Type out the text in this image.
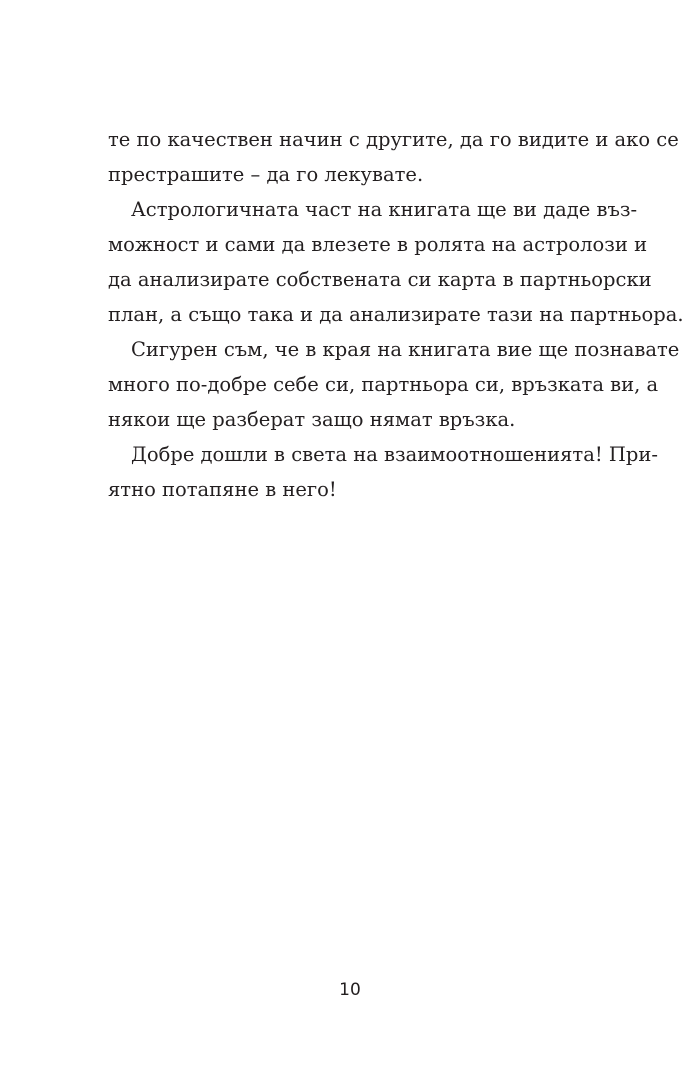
те по качествен начин с другите, да го видите и ако се
престрашите – да го лекувате.
Астрологичната част на книгата ще ви даде въз-
можност и сами да влезете в ролята на астролози и
да анализирате собствената си карта в партньорски
план, а също така и да анализирате тази на партньора.
Сигурен съм, че в края на книгата вие ще познавате
много по-добре себе си, партньора си, връзката ви, а
някои ще разберат защо нямат връзка.
Добре дошли в света на взаимоотношенията! При-
ятно потапяне в него!
10
